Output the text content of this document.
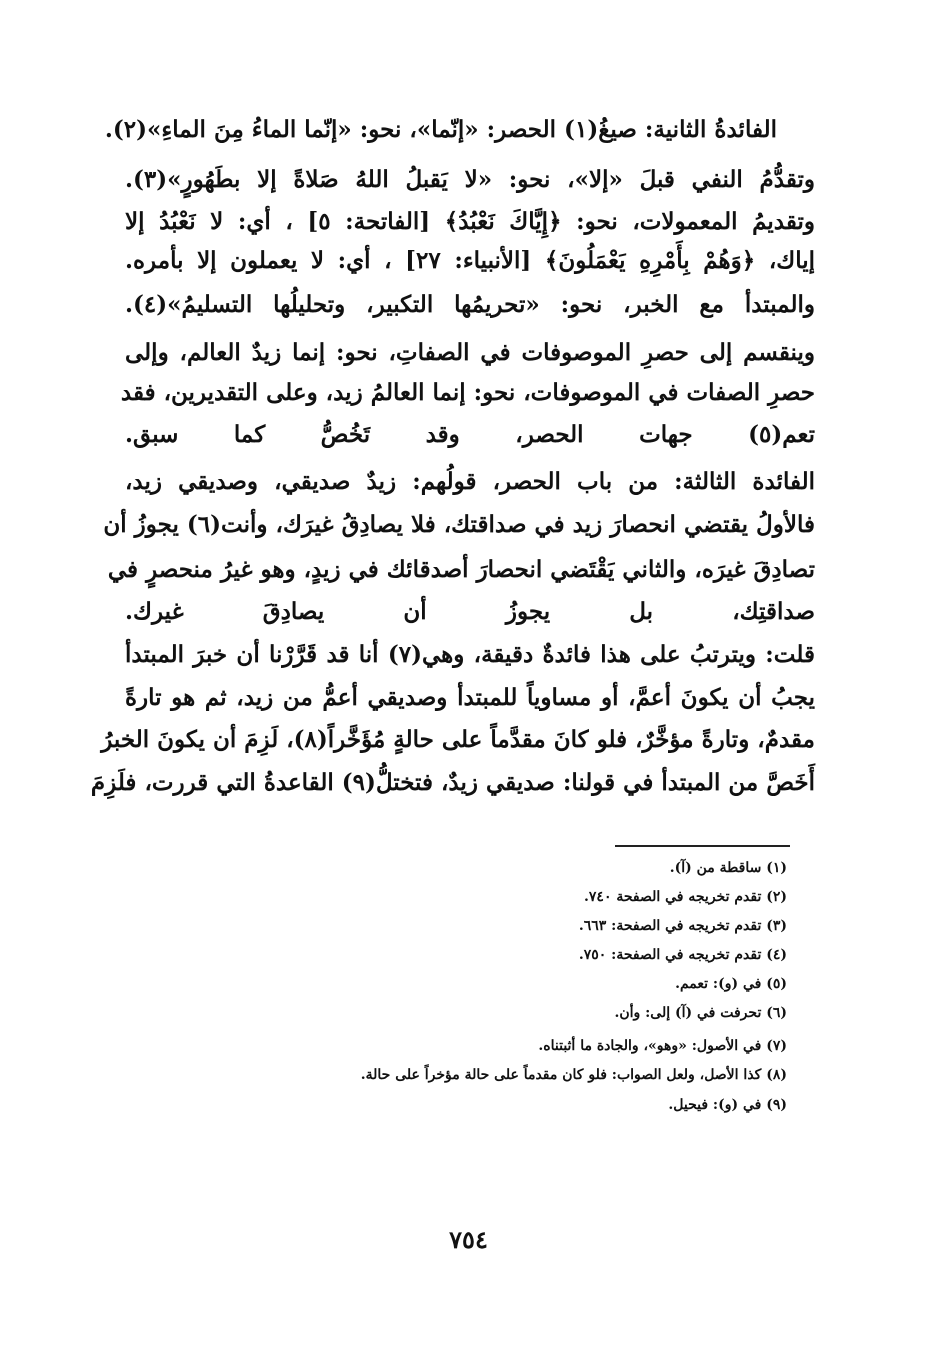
الفائدةُ الثانية: صيغُ(١) الحصر: «إنّما»، نحو: «إنّما الماءُ مِنَ الماءِ»(٢).
وتقدُّمُ النفي قبلَ «إلا»، نحو: «لا يَقبلُ اللهُ صَلاةً إلا بطَهُورٍ»(٣).
وتقديمُ المعمولات، نحو: ﴿إِيَّاكَ نَعْبُدُ﴾ [الفاتحة: ٥] ، أي: لا نَعْبُدُ إلا
إياك، ﴿وَهُمْ بِأَمْرِهِ يَعْمَلُونَ﴾ [الأنبياء: ٢٧] ، أي: لا يعملون إلا بأمره.
والمبتدأ مع الخبر، نحو: «تحريمُها التكبير، وتحليلُها التسليمُ»(٤).
وينقسم إلى حصرِ الموصوفات في الصفاتِ، نحو: إنما زيدٌ العالم، وإلى
حصرِ الصفات في الموصوفات، نحو: إنما العالمُ زيد، وعلى التقديرين، فقد
تعم(٥) جهات الحصر، وقد تَخُصُّ كما سبق.
الفائدة الثالثة: من باب الحصر، قولُهم: زيدٌ صديقي، وصديقي زيد،
فالأولُ يقتضي انحصارَ زيد في صداقتك، فلا يصادِقُ غيرَك، وأنت(٦) يجوزُ أن
تصادِقَ غيرَه، والثاني يَقْتَضي انحصارَ أصدقائك في زيدٍ، وهو غيرُ منحصرٍ في
صداقتِك، بل يجوزُ أن يصادِقَ غيرك.
قلت: ويترتبُ على هذا فائدةٌ دقيقة، وهي(٧) أنا قد قَرَّرْنا أن خبرَ المبتدأ
يجبُ أن يكونَ أعمَّ، أو مساوياً للمبتدأ وصديقي أعمُّ من زيد، ثم هو تارةً
مقدمٌ، وتارةً مؤخَّرٌ، فلو كانَ مقدَّماً على حالةٍ مُؤَخَّراً(٨)، لَزِمَ أن يكونَ الخبرُ
أَخَصَّ من المبتدأ في قولنا: صديقي زيدٌ، فتختلُّ(٩) القاعدةُ التي قررت، فلَزِمَ
(١) ساقطة من (آ).
(٢) تقدم تخريجه في الصفحة ٧٤٠.
(٣) تقدم تخريجه في الصفحة: ٦٦٣.
(٤) تقدم تخريجه في الصفحة: ٧٥٠.
(٥) في (و): تعمم.
(٦) تحرفت في (آ) إلى: وأن.
(٧) في الأصول: «وهو»، والجادة ما أثبتناه.
(٨) كذا الأصل، ولعل الصواب: فلو كان مقدماً على حالة مؤخراً على حالة.
(٩) في (و): فيحيل.
٧٥٤
